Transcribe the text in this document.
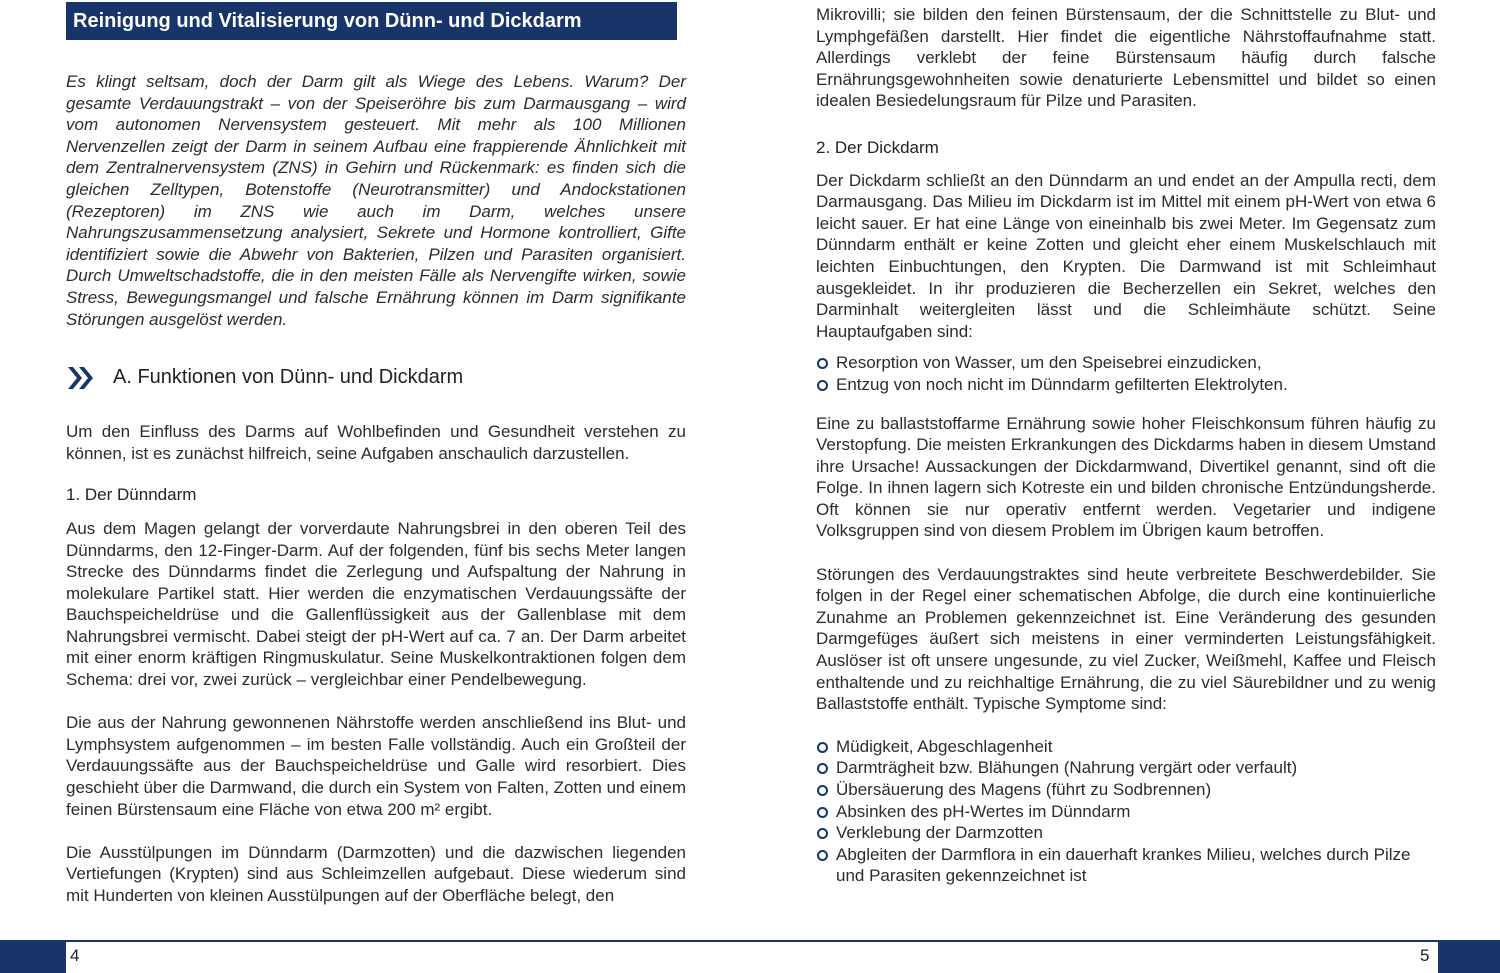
Reinigung und Vitalisierung von Dünn- und Dickdarm

Es klingt seltsam, doch der Darm gilt als Wiege des Lebens. Warum? Der gesamte Verdauungstrakt – von der Speiseröhre bis zum Darmausgang – wird vom autonomen Nervensystem gesteuert. Mit mehr als 100 Millionen Nervenzellen zeigt der Darm in seinem Aufbau eine frappierende Ähnlichkeit mit dem Zentralnervensystem (ZNS) in Gehirn und Rückenmark: es finden sich die gleichen Zelltypen, Botenstoffe (Neurotransmitter) und Andockstationen (Rezeptoren) im ZNS wie auch im Darm, welches unsere Nahrungszusammensetzung analysiert, Sekrete und Hormone kontrolliert, Gifte identifiziert sowie die Abwehr von Bakterien, Pilzen und Parasiten organisiert. Durch Umweltschadstoffe, die in den meisten Fälle als Nervengifte wirken, sowie Stress, Bewegungsmangel und falsche Ernährung können im Darm signifikante Störungen ausgelöst werden.

A. Funktionen von Dünn- und Dickdarm

Um den Einfluss des Darms auf Wohlbefinden und Gesundheit verstehen zu können, ist es zunächst hilfreich, seine Aufgaben anschaulich darzustellen.

1. Der Dünndarm

Aus dem Magen gelangt der vorverdaute Nahrungsbrei in den oberen Teil des Dünndarms, den 12-Finger-Darm. Auf der folgenden, fünf bis sechs Meter langen Strecke des Dünndarms findet die Zerlegung und Aufspaltung der Nahrung in molekulare Partikel statt. Hier werden die enzymatischen Verdauungssäfte der Bauchspeicheldrüse und die Gallenflüssigkeit aus der Gallenblase mit dem Nahrungsbrei vermischt. Dabei steigt der pH-Wert auf ca. 7 an. Der Darm arbeitet mit einer enorm kräftigen Ringmuskulatur. Seine Muskelkontraktionen folgen dem Schema: drei vor, zwei zurück – vergleichbar einer Pendelbewegung.

Die aus der Nahrung gewonnenen Nährstoffe werden anschließend ins Blut- und Lymphsystem aufgenommen – im besten Falle vollständig. Auch ein Großteil der Verdauungssäfte aus der Bauchspeicheldrüse und Galle wird resorbiert. Dies geschieht über die Darmwand, die durch ein System von Falten, Zotten und einem feinen Bürstensaum eine Fläche von etwa 200 m² ergibt.

Die Ausstülpungen im Dünndarm (Darmzotten) und die dazwischen liegenden Vertiefungen (Krypten) sind aus Schleimzellen aufgebaut. Diese wiederum sind mit Hunderten von kleinen Ausstülpungen auf der Oberfläche belegt, den

Mikrovilli; sie bilden den feinen Bürstensaum, der die Schnittstelle zu Blut- und Lymphgefäßen darstellt. Hier findet die eigentliche Nährstoffaufnahme statt. Allerdings verklebt der feine Bürstensaum häufig durch falsche Ernährungsgewohnheiten sowie denaturierte Lebensmittel und bildet so einen idealen Besiedelungsraum für Pilze und Parasiten.

2. Der Dickdarm

Der Dickdarm schließt an den Dünndarm an und endet an der Ampulla recti, dem Darmausgang. Das Milieu im Dickdarm ist im Mittel mit einem pH-Wert von etwa 6 leicht sauer. Er hat eine Länge von eineinhalb bis zwei Meter. Im Gegensatz zum Dünndarm enthält er keine Zotten und gleicht eher einem Muskelschlauch mit leichten Einbuchtungen, den Krypten. Die Darmwand ist mit Schleimhaut ausgekleidet. In ihr produzieren die Becherzellen ein Sekret, welches den Darminhalt weitergleiten lässt und die Schleimhäute schützt. Seine Hauptaufgaben sind:

Resorption von Wasser, um den Speisebrei einzudicken,
Entzug von noch nicht im Dünndarm gefilterten Elektrolyten.

Eine zu ballaststoffarme Ernährung sowie hoher Fleischkonsum führen häufig zu Verstopfung. Die meisten Erkrankungen des Dickdarms haben in diesem Umstand ihre Ursache! Aussackungen der Dickdarmwand, Divertikel genannt, sind oft die Folge. In ihnen lagern sich Kotreste ein und bilden chronische Entzündungsherde. Oft können sie nur operativ entfernt werden. Vegetarier und indigene Volksgruppen sind von diesem Problem im Übrigen kaum betroffen.

Störungen des Verdauungstraktes sind heute verbreitete Beschwerdebilder. Sie folgen in der Regel einer schematischen Abfolge, die durch eine kontinuierliche Zunahme an Problemen gekennzeichnet ist. Eine Veränderung des gesunden Darmgefüges äußert sich meistens in einer verminderten Leistungsfähigkeit. Auslöser ist oft unsere ungesunde, zu viel Zucker, Weißmehl, Kaffee und Fleisch enthaltende und zu reichhaltige Ernährung, die zu viel Säurebildner und zu wenig Ballaststoffe enthält. Typische Symptome sind:

Müdigkeit, Abgeschlagenheit
Darmträgheit bzw. Blähungen (Nahrung vergärt oder verfault)
Übersäuerung des Magens (führt zu Sodbrennen)
Absinken des pH-Wertes im Dünndarm
Verklebung der Darmzotten
Abgleiten der Darmflora in ein dauerhaft krankes Milieu, welches durch Pilze und Parasiten gekennzeichnet ist
4	5
